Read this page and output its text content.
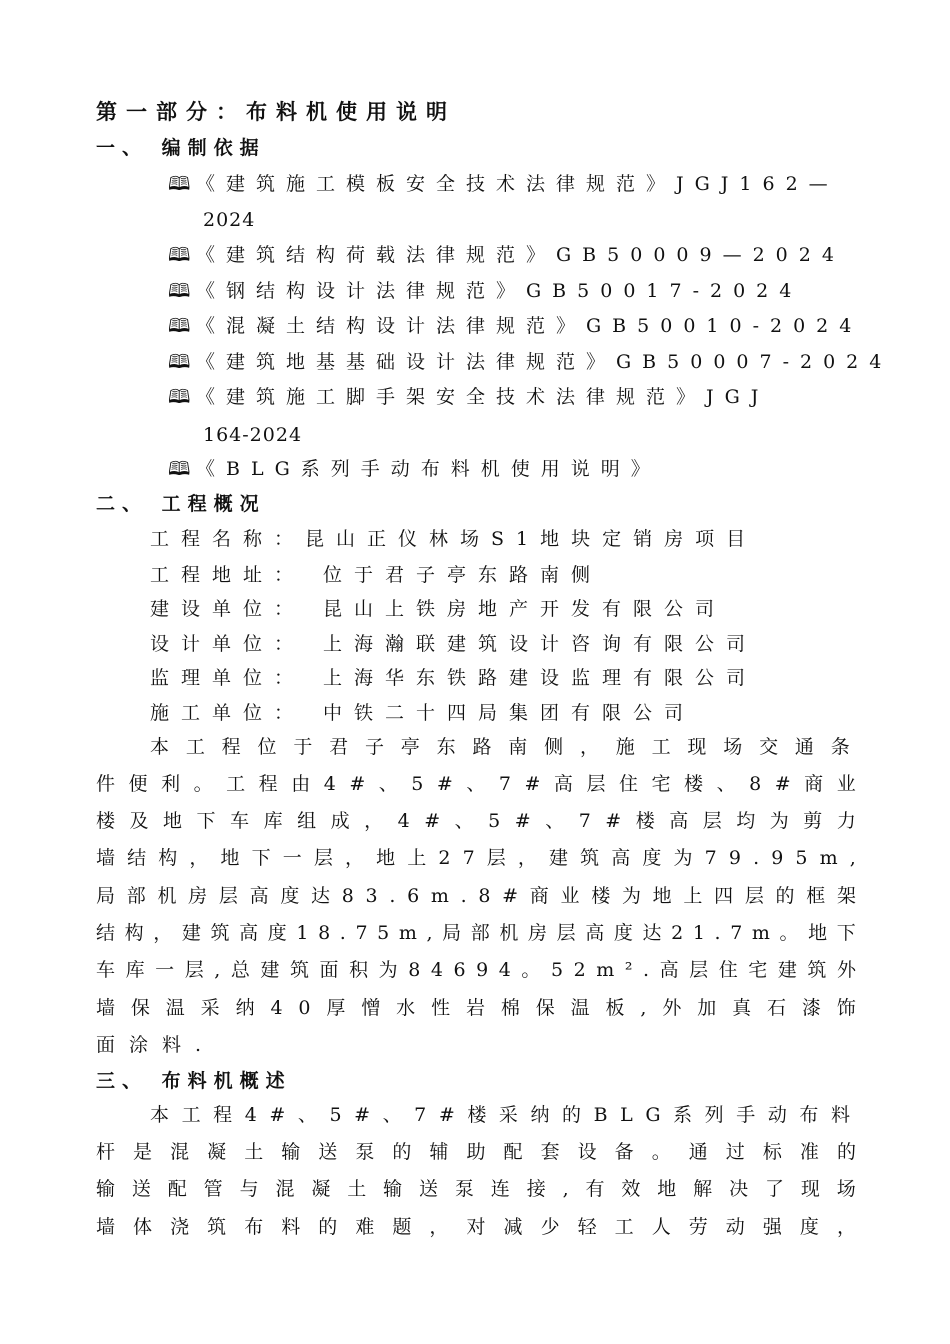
第一部分：布料机使用说明
一、 编制依据
🕮 《建筑施工模板安全技术法律规范》JGJ162—
2024
🕮 《建筑结构荷载法律规范》GB50009—2024
🕮 《钢结构设计法律规范》GB50017-2024
🕮 《混凝土结构设计法律规范》GB50010-2024
🕮 《建筑地基基础设计法律规范》GB50007-2024
🕮 《建筑施工脚手架安全技术法律规范》JGJ
164-2024
🕮 《BLG系列手动布料机使用说明》
二、 工程概况
工程名称：昆山正仪林场S1地块定销房项目
工程地址： 位于君子亭东路南侧
建设单位： 昆山上铁房地产开发有限公司
设计单位： 上海瀚联建筑设计咨询有限公司
监理单位： 上海华东铁路建设监理有限公司
施工单位： 中铁二十四局集团有限公司
本 工 程 位 于 君 子 亭 东 路 南 侧 ， 施 工 现 场 交 通 条
件 便 利 。 工 程 由 4 # 、 5 # 、 7 # 高 层 住 宅 楼 、 8 # 商 业
楼 及 地 下 车 库 组 成 ， 4 # 、 5 # 、 7 # 楼 高 层 均 为 剪 力
墙 结 构 ， 地 下 一 层 ， 地 上 2 7 层 ， 建 筑 高 度 为 7 9 . 9 5 m ,
局 部 机 房 层 高 度 达 8 3 . 6 m . 8 # 商 业 楼 为 地 上 四 层 的 框 架
结 构 ， 建 筑 高 度 1 8 . 7 5 m , 局 部 机 房 层 高 度 达 2 1 . 7 m 。 地 下
车 库 一 层 , 总 建 筑 面 积 为 8 4 6 9 4 。 5 2 m ² . 高 层 住 宅 建 筑 外
墙 保 温 采 纳 4 0 厚 憎 水 性 岩 棉 保 温 板 , 外 加 真 石 漆 饰
面涂料.
三、 布料机概述
本 工 程 4 # 、 5 # 、 7 # 楼 采 纳 的 B L G 系 列 手 动 布 料
杆 是 混 凝 土 输 送 泵 的 辅 助 配 套 设 备 。 通 过 标 准 的
输 送 配 管 与 混 凝 土 输 送 泵 连 接 , 有 效 地 解 决 了 现 场
墙 体 浇 筑 布 料 的 难 题 ， 对 减 少 轻 工 人 劳 动 强 度 ，
